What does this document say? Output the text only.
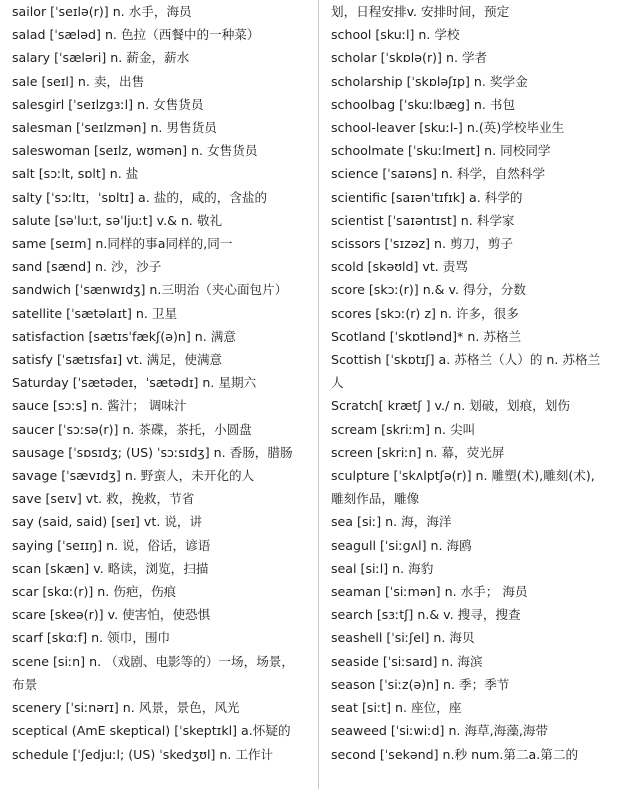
sailor [ˈseɪlə(r)] n. 水手，海员
salad [ˈsæləd] n. 色拉（西餐中的一种菜）
salary [ˈsæləri] n. 薪金，薪水
sale [seɪl] n. 卖，出售
salesgirl [ˈseɪlzgɜːl] n. 女售货员
salesman [ˈseɪlzmən] n. 男售货员
saleswoman [seɪlz, wʊmən] n. 女售货员
salt [sɔːlt, sɒlt] n. 盐
salty [ˈsɔːltɪ，ˈsɒltɪ] a. 盐的，咸的，含盐的
salute [səˈluːt, səˈljuːt] v.& n. 敬礼
same [seɪm] n.同样的事a同样的,同一
sand [sænd] n. 沙，沙子
sandwich [ˈsænwɪdʒ] n.三明治（夹心面包片）
satellite [ˈsætəlaɪt] n. 卫星
satisfaction [sætɪsˈfækʃ(ə)n] n. 满意
satisfy [ˈsætɪsfaɪ] vt. 满足，使满意
Saturday [ˈsætədeɪ，ˈsætədɪ] n. 星期六
sauce [sɔːs] n. 酱汁； 调味汁
saucer [ˈsɔːsə(r)] n. 茶碟，茶托，小圆盘
sausage [ˈsɒsɪdʒ; (US) ˈsɔːsɪdʒ] n. 香肠，腊肠
savage [ˈsævɪdʒ] n. 野蛮人，未开化的人
save [seɪv] vt. 救，挽救，节省
say (said, said) [seɪ] vt. 说，讲
saying [ˈseɪɪŋ] n. 说，俗话，谚语
scan [skæn] v. 略读，浏览，扫描
scar [skɑː(r)] n. 伤疤，伤痕
scare [skeə(r)] v. 使害怕，使恐惧
scarf [skɑːf] n. 领巾，围巾
scene [siːn] n. （戏剧、电影等的）一场，场景，
布景
scenery [ˈsiːnərɪ] n. 风景，景色，风光
sceptical (AmE skeptical) [ˈskeptɪkl] a.怀疑的
schedule [ˈʃedjuːl; (US) ˈskedʒʊl] n. 工作计
划，日程安排v. 安排时间，预定
school [skuːl] n. 学校
scholar [ˈskɒlə(r)] n. 学者
scholarship [ˈskɒləʃɪp] n. 奖学金
schoolbag [ˈskuːlbæg] n. 书包
school-leaver [skuːl-] n.(英)学校毕业生
schoolmate [ˈskuːlmeɪt] n. 同校同学
science [ˈsaɪəns] n. 科学，自然科学
scientific [saɪənˈtɪfɪk] a. 科学的
scientist [ˈsaɪəntɪst] n. 科学家
scissors [ˈsɪzəz] n. 剪刀，剪子
scold [skəʊld] vt. 责骂
score [skɔː(r)] n.& v. 得分，分数
scores [skɔː(r) z] n. 许多，很多
Scotland [ˈskɒtlənd]* n. 苏格兰
Scottish [ˈskɒtɪʃ] a. 苏格兰（人）的 n. 苏格兰
人
Scratch[ krætʃ ] v./ n. 划破，划痕，划伤
scream [skriːm] n. 尖叫
screen [skriːn] n. 幕，荧光屏
sculpture [ˈskʌlptʃə(r)] n. 雕塑(术),雕刻(术),
雕刻作品，雕像
sea [siː] n. 海，海洋
seagull [ˈsiːgʌl] n. 海鸥
seal [siːl] n. 海豹
seaman [ˈsiːmən] n. 水手； 海员
search [sɜːtʃ] n.& v. 搜寻，搜查
seashell [ˈsiːʃel] n. 海贝
seaside [ˈsiːsaɪd] n. 海滨
season [ˈsiːz(ə)n] n. 季；季节
seat [siːt] n. 座位，座
seaweed [ˈsiːwiːd] n. 海草,海藻,海带
second [ˈsekənd] n.秒 num.第二a.第二的
